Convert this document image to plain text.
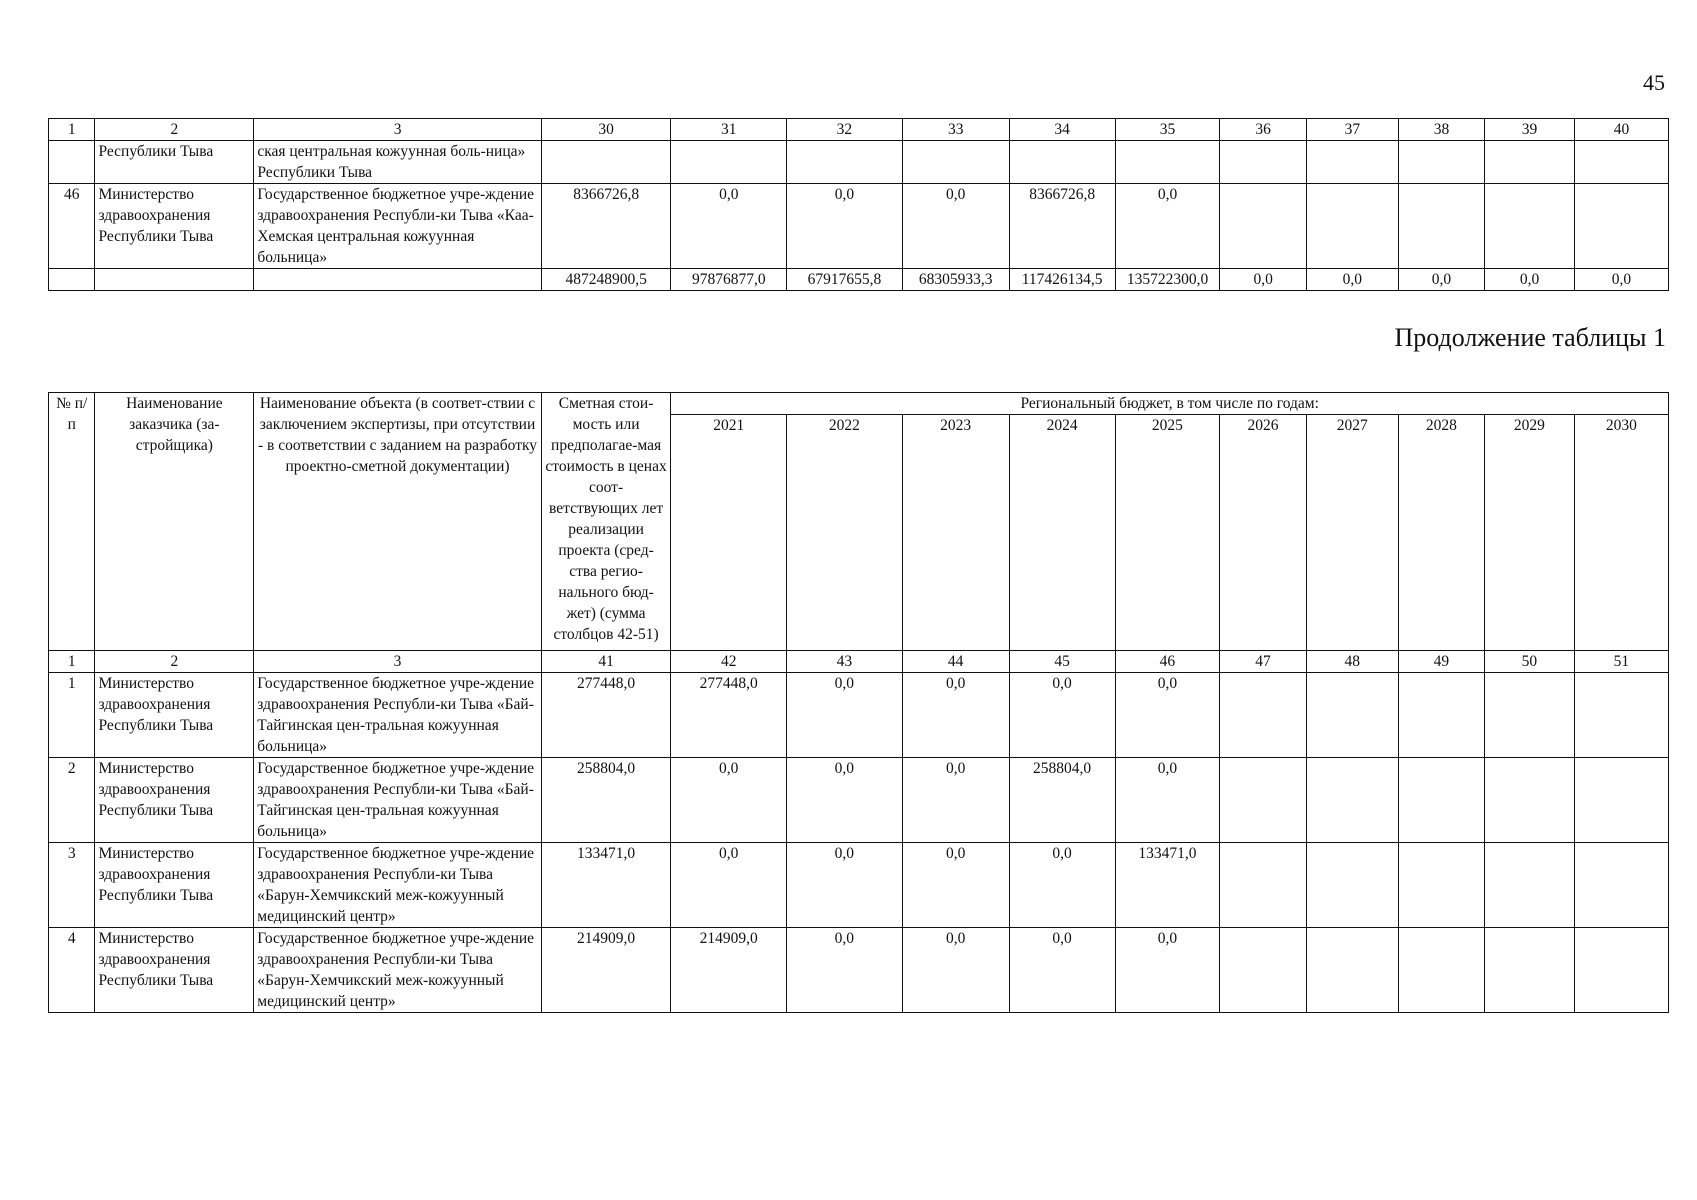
45
Продолжение таблицы 1
1	2	3	30	31	32	33	34	35	36	37	38	39	40
	Республики Тыва	ская центральная кожуунная боль-ница» Республики Тыва											
46	Министерство здравоохранения Республики Тыва	Государственное бюджетное учре-ждение здравоохранения Республи-ки Тыва «Каа-Хемская центральная кожуунная больница»	8366726,8	0,0	0,0	0,0	8366726,8	0,0					
			487248900,5	97876877,0	67917655,8	68305933,3	117426134,5	135722300,0	0,0	0,0	0,0	0,0	0,0
№ п/п	Наименование заказчика (за-стройщика)	Наименование объекта (в соответ-ствии с заключением экспертизы, при отсутствии - в соответствии с заданием на разработку проектно-сметной документации)	Сметная стои-мость или предполагае-мая стоимость в ценах соот-ветствующих лет реализации проекта (сред-ства регио-нального бюд-жет) (сумма столбцов 42-51)	Региональный бюджет, в том числе по годам:									
				2021	2022	2023	2024	2025	2026	2027	2028	2029	2030
1	2	3	41	42	43	44	45	46	47	48	49	50	51
1	Министерство здравоохранения Республики Тыва	Государственное бюджетное учре-ждение здравоохранения Республи-ки Тыва «Бай-Тайгинская цен-тральная кожуунная больница»	277448,0	277448,0	0,0	0,0	0,0	0,0					
2	Министерство здравоохранения Республики Тыва	Государственное бюджетное учре-ждение здравоохранения Республи-ки Тыва «Бай-Тайгинская цен-тральная кожуунная больница»	258804,0	0,0	0,0	0,0	258804,0	0,0					
3	Министерство здравоохранения Республики Тыва	Государственное бюджетное учре-ждение здравоохранения Республи-ки Тыва «Барун-Хемчикский меж-кожуунный медицинский центр»	133471,0	0,0	0,0	0,0	0,0	133471,0					
4	Министерство здравоохранения Республики Тыва	Государственное бюджетное учре-ждение здравоохранения Республи-ки Тыва «Барун-Хемчикский меж-кожуунный медицинский центр»	214909,0	214909,0	0,0	0,0	0,0	0,0					
